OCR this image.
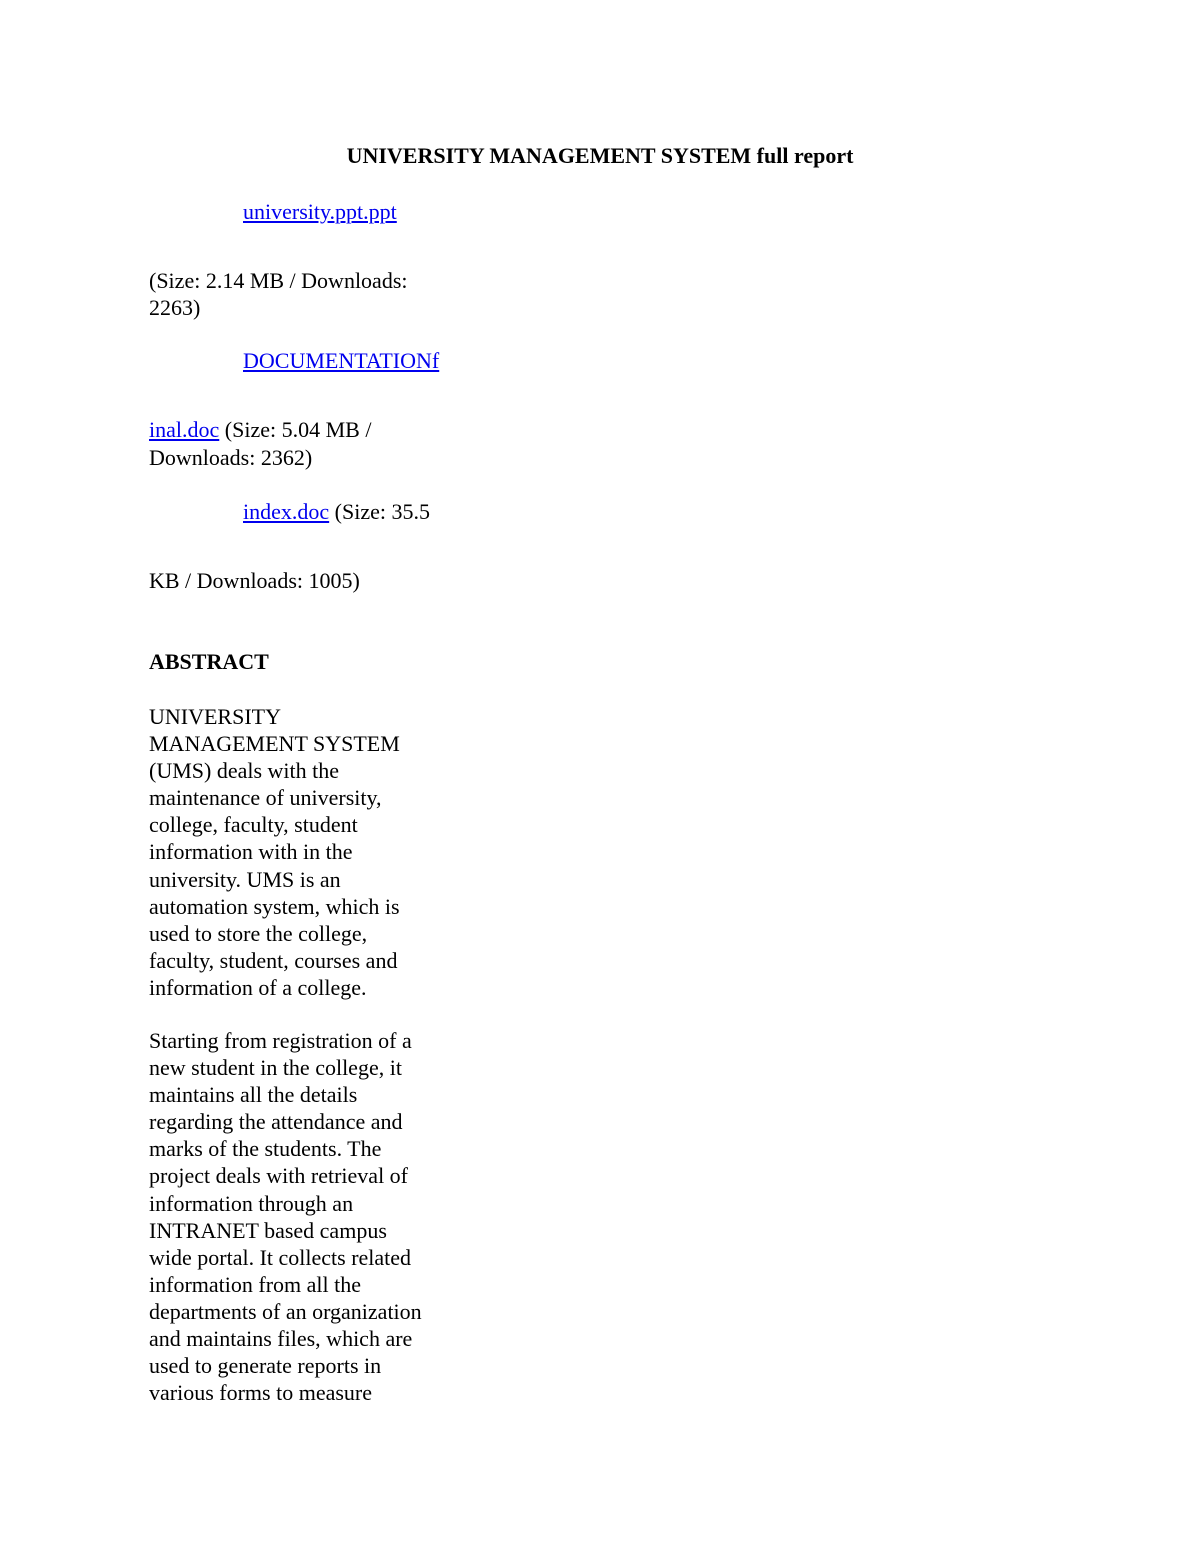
UNIVERSITY MANAGEMENT SYSTEM full report
university.ppt.ppt
(Size: 2.14 MB / Downloads:
2263)
DOCUMENTATIONf
inal.doc (Size: 5.04 MB /
Downloads: 2362)
index.doc (Size: 35.5
KB / Downloads: 1005)
ABSTRACT
UNIVERSITY
MANAGEMENT SYSTEM
(UMS) deals with the
maintenance of university,
college, faculty, student
information with in the
university. UMS is an
automation system, which is
used to store the college,
faculty, student, courses and
information of a college.
Starting from registration of a
new student in the college, it
maintains all the details
regarding the attendance and
marks of the students. The
project deals with retrieval of
information through an
INTRANET based campus
wide portal. It collects related
information from all the
departments of an organization
and maintains files, which are
used to generate reports in
various forms to measure
